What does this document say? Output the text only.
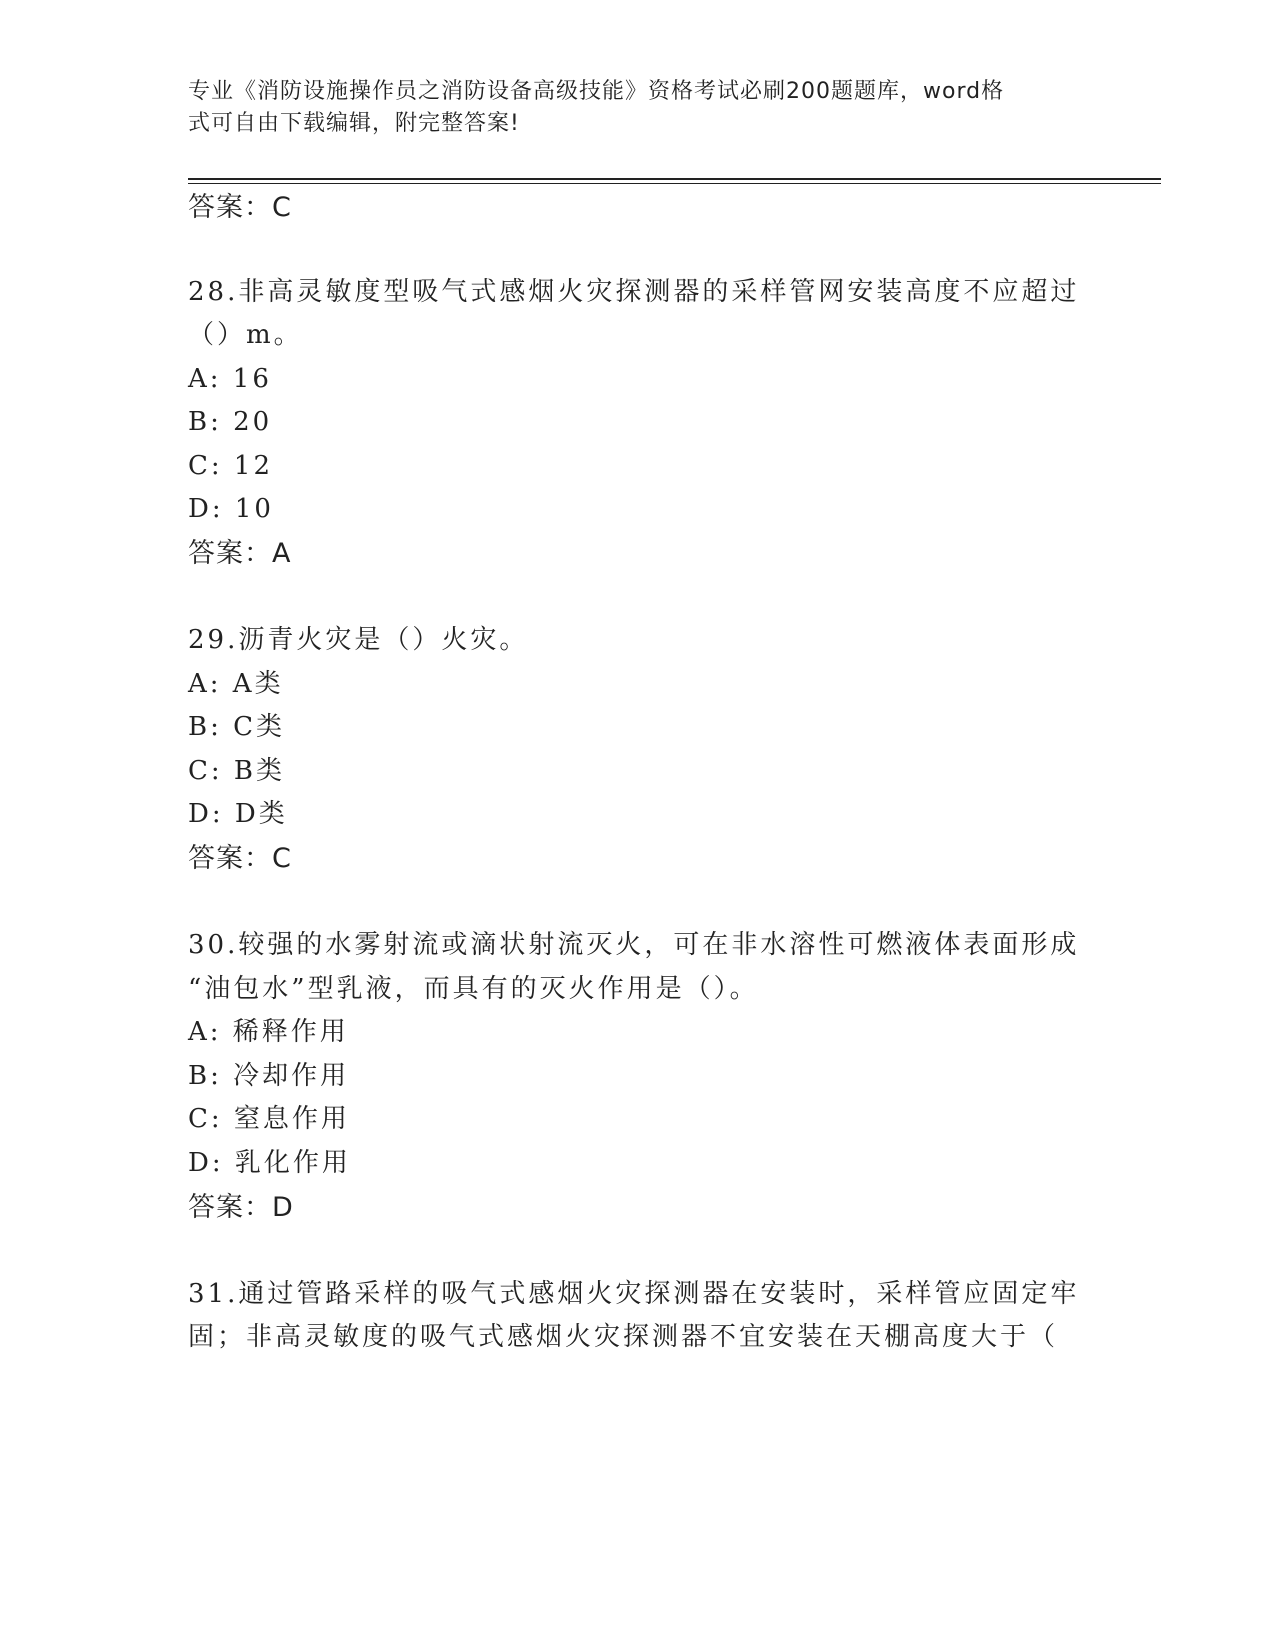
专业《消防设施操作员之消防设备高级技能》资格考试必刷200题题库，word格
式可自由下载编辑，附完整答案!
答案：C
28.非高灵敏度型吸气式感烟火灾探测器的采样管网安装高度不应超过
（）m。
A: 16
B: 20
C: 12
D: 10
答案：A
29.沥青火灾是（）火灾。
A: A类
B: C类
C: B类
D: D类
答案：C
30.较强的水雾射流或滴状射流灭火，可在非水溶性可燃液体表面形成
“油包水”型乳液，而具有的灭火作用是（）。
A: 稀释作用
B: 冷却作用
C: 窒息作用
D: 乳化作用
答案：D
31.通过管路采样的吸气式感烟火灾探测器在安装时，采样管应固定牢
固；非高灵敏度的吸气式感烟火灾探测器不宜安装在天棚高度大于（
